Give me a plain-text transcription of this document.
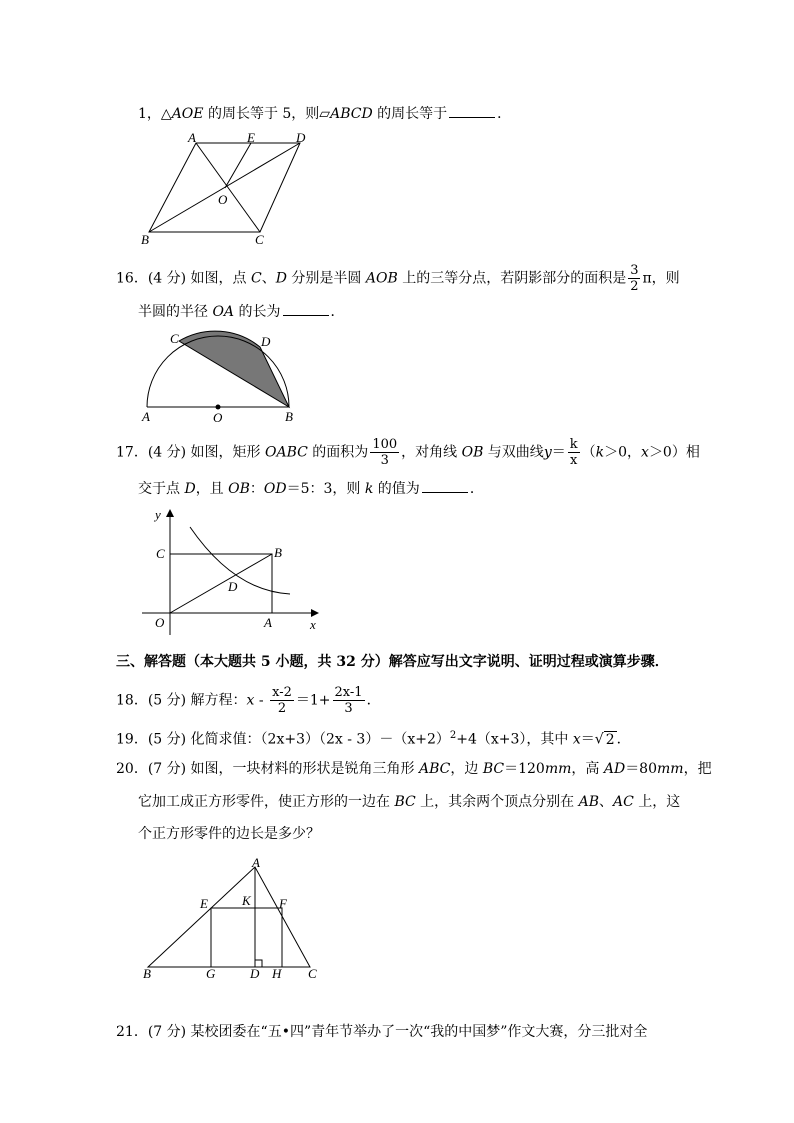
1，△AOE 的周长等于 5，则▱ABCD 的周长等于	．
A	E	D
O
B	C
16．(4 分) 如图，点 C、D 分别是半圆 AOB 上的三等分点，若阴影部分的面积是 $\frac{3}{2}$ π，则
半圆的半径 OA 的长为	．
C	D
A	O	B
17．(4 分) 如图，矩形 OABC 的面积为 $\frac{100}{3}$ ，对角线 OB 与双曲线$y= \frac{k}{x} (k>0$，x＞0）相
交于点 D，且 OB：OD＝5：3，则 k 的值为	．
y
C	B
D
O	A	x
三、解答题（本大题共 5 小题，共 32 分）解答应写出文字说明、证明过程或演算步骤．
18．(5 分) 解方程：$x - \frac{x-2}{2} =1+ \frac{2x-1}{3}$ ．
19．(5 分) 化简求值：$(2x+3)(2x - 3)-(x+2)^2+4(x+3)$，其中 x＝√ 2 ．
20．(7 分) 如图，一块材料的形状是锐角三角形 ABC，边 BC＝120mm，高 AD＝80mm，把
它加工成正方形零件，使正方形的一边在 BC 上，其余两个顶点分别在 AB、AC 上，这
个正方形零件的边长是多少？
A
E	K F
B	G	D H C
21．(7 分) 某校团委在“五•四”青年节举办了一次“我的中国梦”作文大赛，分三批对全
